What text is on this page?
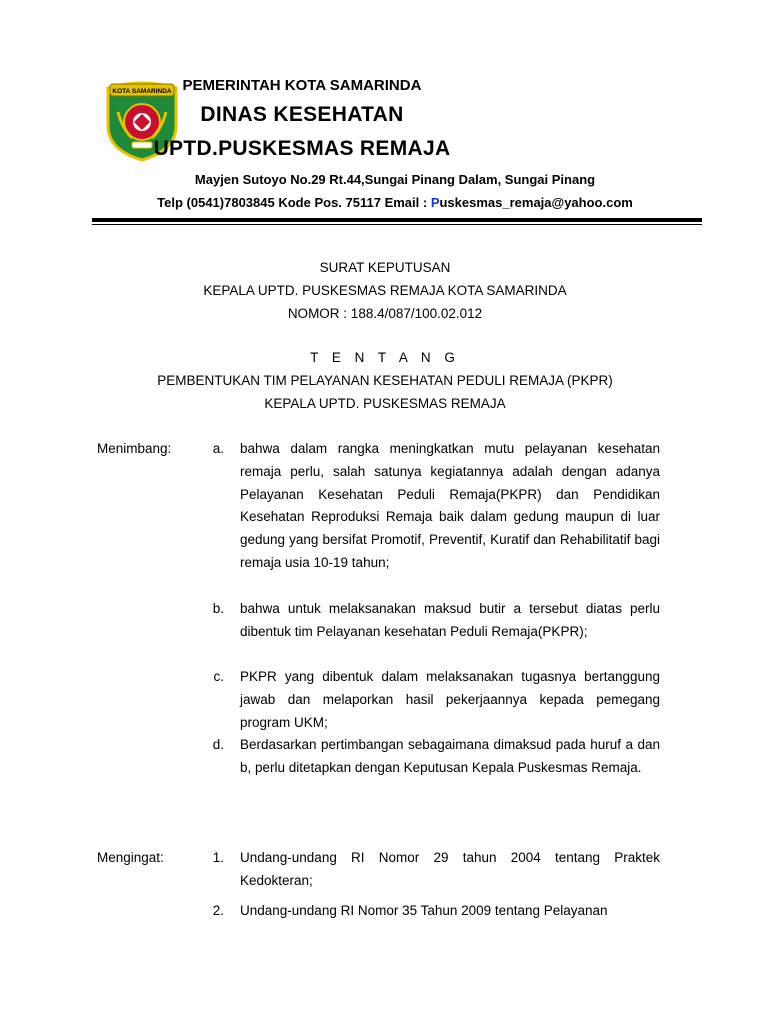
KOTA SAMARINDA PEMERINTAH KOTA SAMARINDA
DINAS KESEHATAN
UPTD.PUSKESMAS REMAJA
Mayjen Sutoyo No.29 Rt.44,Sungai Pinang Dalam, Sungai Pinang
Telp (0541)7803845 Kode Pos. 75117 Email : Puskesmas_remaja@yahoo.com
SURAT KEPUTUSAN
KEPALA UPTD. PUSKESMAS REMAJA KOTA SAMARINDA
NOMOR : 188.4/087/100.02.012
T E N T A N G
PEMBENTUKAN TIM PELAYANAN KESEHATAN PEDULI REMAJA (PKPR)
KEPALA UPTD. PUSKESMAS REMAJA
Menimbang:	a. bahwa dalam rangka meningkatkan mutu pelayanan kesehatan remaja perlu, salah satunya kegiatannya adalah dengan adanya Pelayanan Kesehatan Peduli Remaja(PKPR) dan Pendidikan Kesehatan Reproduksi Remaja baik dalam gedung maupun di luar gedung yang bersifat Promotif, Preventif, Kuratif dan Rehabilitatif bagi remaja usia 10-19 tahun;
b. bahwa untuk melaksanakan maksud butir a tersebut diatas perlu dibentuk tim Pelayanan kesehatan Peduli Remaja(PKPR);
c. PKPR yang dibentuk dalam melaksanakan tugasnya bertanggung jawab dan melaporkan hasil pekerjaannya kepada pemegang program UKM;
d. Berdasarkan pertimbangan sebagaimana dimaksud pada huruf a dan b, perlu ditetapkan dengan Keputusan Kepala Puskesmas Remaja.
Mengingat:	1. Undang-undang RI Nomor 29 tahun 2004 tentang Praktek Kedokteran;
2. Undang-undang RI Nomor 35 Tahun 2009 tentang Pelayanan
